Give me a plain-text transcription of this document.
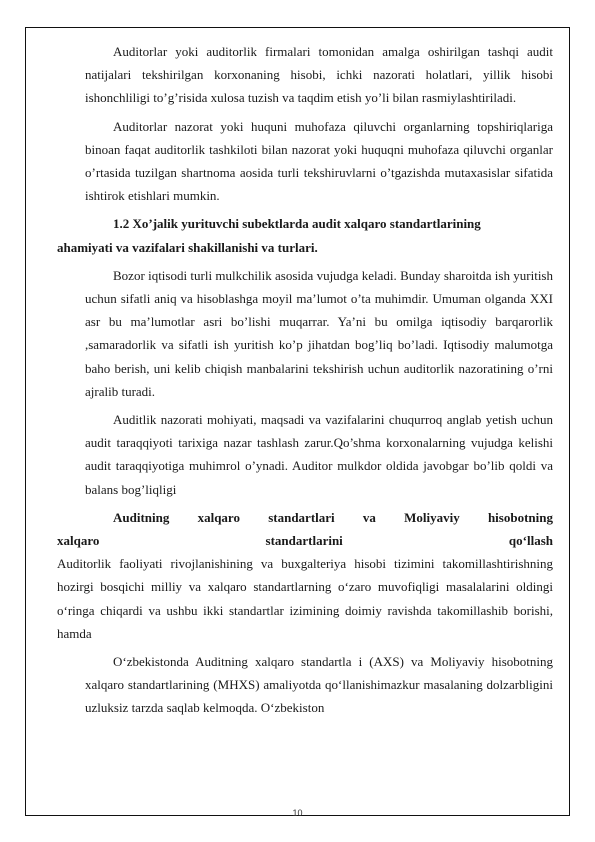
Auditorlar yoki auditorlik firmalari tomonidan amalga oshirilgan tashqi audit natijalari tekshirilgan korxonaning hisobi, ichki nazorati holatlari, yillik hisobi ishonchliligi to’g’risida xulosa tuzish va taqdim etish yo’li bilan rasmiylashtiriladi.

Auditorlar nazorat yoki huquni muhofaza qiluvchi organlarning topshiriqlariga binoan faqat auditorlik tashkiloti bilan nazorat yoki huquqni muhofaza qiluvchi organlar o’rtasida tuzilgan shartnoma aosida turli tekshiruvlarni o’tgazishda mutaxasislar sifatida ishtirok etishlari mumkin.

1.2 Xo’jalik yurituvchi subektlarda audit xalqaro standartlarining
ahamiyati va vazifalari shakillanishi va turlari.

Bozor iqtisodi turli mulkchilik asosida vujudga keladi. Bunday sharoitda ish yuritish uchun sifatli aniq va hisoblashga moyil ma’lumot o’ta muhimdir. Umuman olganda XXI asr bu ma’lumotlar asri bo’lishi muqarrar. Ya’ni bu omilga iqtisodiy barqarorlik ,samaradorlik va sifatli ish yuritish ko’p jihatdan bog’liq bo’ladi. Iqtisodiy malumotga baho berish, uni kelib chiqish manbalarini tekshirish uchun auditorlik nazoratining o’rni ajralib turadi.

Auditlik nazorati mohiyati, maqsadi va vazifalarini chuqurroq anglab yetish uchun audit taraqqiyoti tarixiga nazar tashlash zarur.Qo’shma korxonalarning vujudga kelishi audit taraqqiyotiga muhimrol o’ynadi. Auditor mulkdor oldida javobgar bo’lib qoldi va balans bog’liqligi

Auditning xalqaro standartlari va Moliyaviy hisobotning

xalqaro standartlarini qo‘llash

Auditorlik faoliyati rivojlanishining va buxgalteriya hisobi tizimini takomillashtirishning hozirgi bosqichi milliy va xalqaro standartlarning o‘zaro muvofiqligi masalalarini oldingi o‘ringa chiqardi va ushbu ikki standartlar izimining doimiy ravishda takomillashib borishi, hamda

O‘zbekistonda Auditning xalqaro standartla i (AXS) va Moliyaviy hisobotning xalqaro standartlarining (MHXS) amaliyotda qo‘llanishimazkur masalaning dolzarbligini uzluksiz tarzda saqlab kelmoqda. O‘zbekiston

10
